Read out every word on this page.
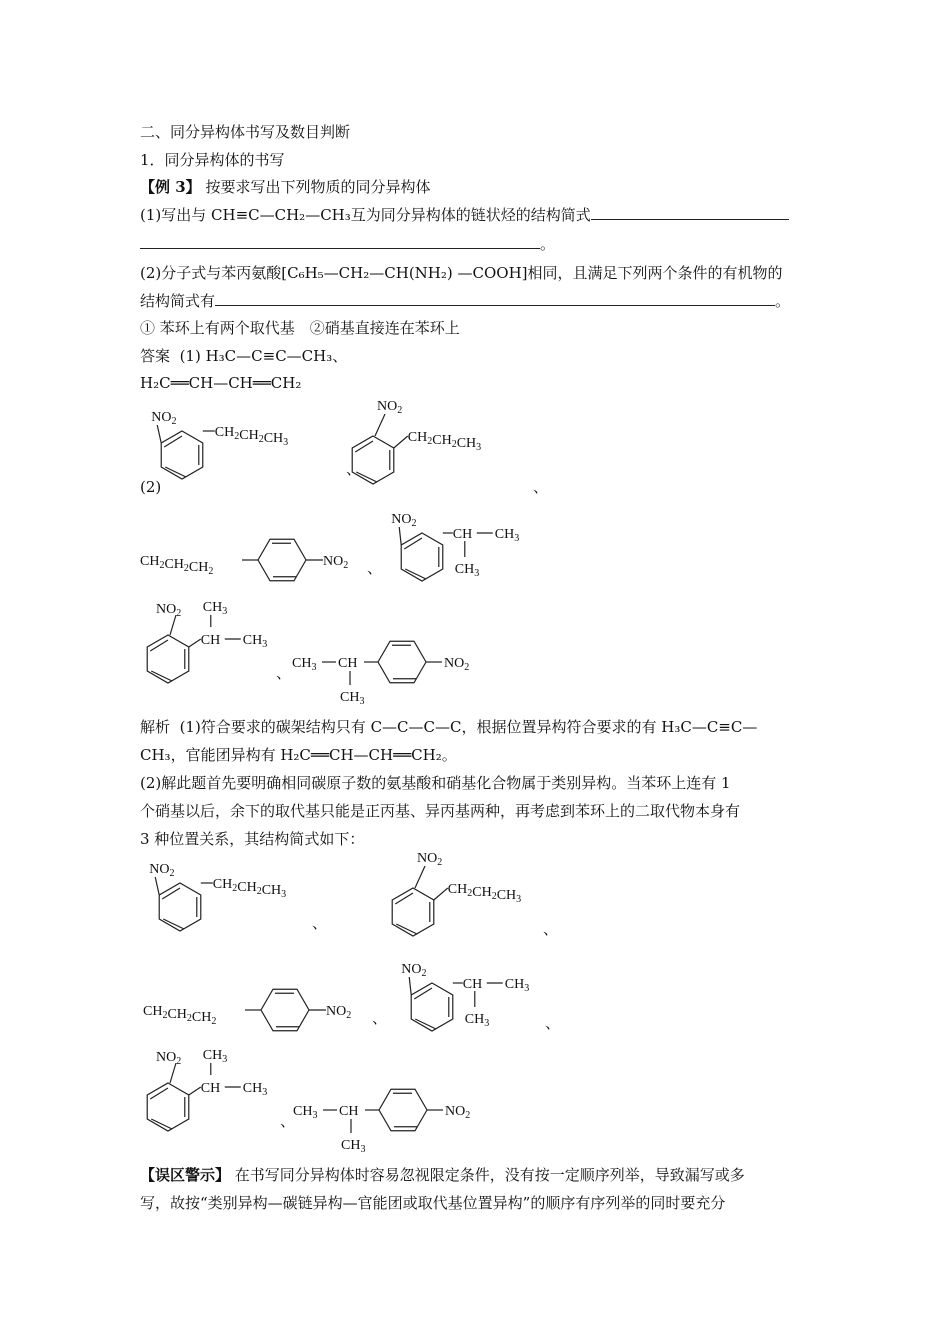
二、同分异构体书写及数目判断
1．同分异构体的书写
【例 3】 按要求写出下列物质的同分异构体
(1)写出与 CH≡C—CH₂—CH₃互为同分异构体的链状烃的结构简式
。
(2)分子式与苯丙氨酸[C₆H₅—CH₂—CH(NH₂) —COOH]相同，且满足下列两个条件的有机物的
结构简式有	。
① 苯环上有两个取代基　②硝基直接连在苯环上
答案 (1) H₃C—C≡C—CH₃、
H₂C══CH—CH══CH₂
(2)
解析 (1)符合要求的碳架结构只有 C—C—C—C，根据位置异构符合要求的有 H₃C—C≡C—
CH₃，官能团异构有 H₂C══CH—CH══CH₂。
(2)解此题首先要明确相同碳原子数的氨基酸和硝基化合物属于类别异构。当苯环上连有 1
个硝基以后，余下的取代基只能是正丙基、异丙基两种，再考虑到苯环上的二取代物本身有
3 种位置关系，其结构简式如下：
【误区警示】 在书写同分异构体时容易忽视限定条件，没有按一定顺序列举，导致漏写或多
写，故按“类别异构—碳链异构—官能团或取代基位置异构”的顺序有序列举的同时要充分
$NO_2$
$CH_2CH_2CH_3$
$NO_2$
$CH_2CH_2CH_3$
$CH_2CH_2CH_2$
$NO_2$
$NO_2$
CH $CH_3$
$CH_3$
$NO_2$
CH $CH_3$
$CH_3$
$CH_3$ CH
$CH_3$
$NO_2$
$NO_2$
$CH_2CH_2CH_3$
$NO_2$
$CH_2CH_2CH_3$
$CH_2CH_2CH_2$
$NO_2$
$NO_2$
CH $CH_3$
$CH_3$
$NO_2$
CH $CH_3$
$CH_3$
$CH_3$ CH
$CH_3$
$NO_2$
、
、
、
、
、	、
、	、
、
